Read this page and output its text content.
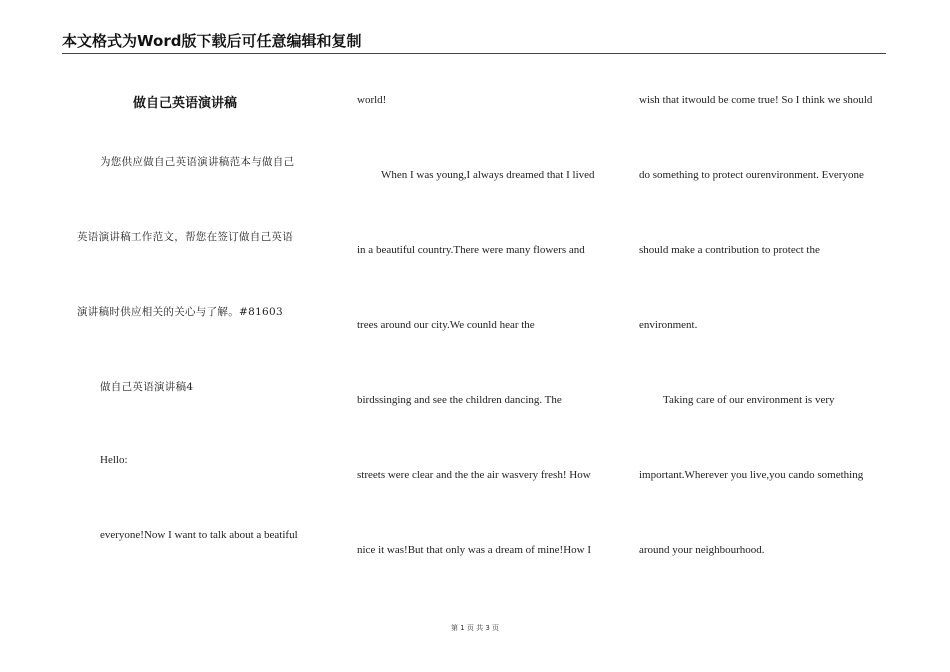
本文格式为Word版下载后可任意编辑和复制
做自己英语演讲稿
为您供应做自己英语演讲稿范本与做自己
英语演讲稿工作范文，帮您在签订做自己英语
演讲稿时供应相关的关心与了解。#81603
做自己英语演讲稿4
Hello:
everyone!Now I want to talk about a beatiful
world!
When I was young,I always dreamed that I lived
in a beautiful country.There were many flowers and
trees around our city.We counld hear the
birdssinging and see the children dancing. The
streets were clear and the the air wasvery fresh! How
nice it was!But that only was a dream of mine!How I
wish that itwould be come true! So I think we should
do something to protect ourenvironment. Everyone
should make a contribution to protect the
environment.
Taking care of our environment is very
important.Wherever you live,you cando something
around your neighbourhood.
第 1 页 共 3 页
